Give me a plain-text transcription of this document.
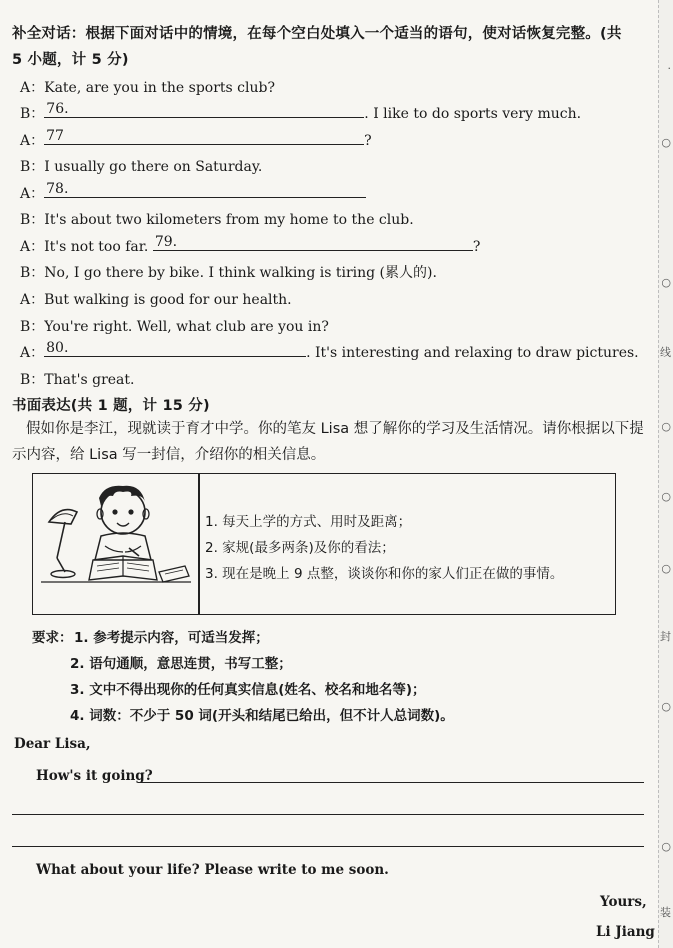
补全对话：根据下面对话中的情境，在每个空白处填入一个适当的语句，使对话恢复完整。(共
5 小题，计 5 分)
A：Kate, are you in the sports club?
B： 76.	. I like to do sports very much.
A： 77	?
B：I usually go there on Saturday.
A： 78.
B：It's about two kilometers from my home to the club.
A：It's not too far. 79.	?
B：No, I go there by bike. I think walking is tiring (累人的).
A：But walking is good for our health.
B：You're right. Well, what club are you in?
A： 80.	. It's interesting and relaxing to draw pictures.
B：That's great.
书面表达(共 1 题，计 15 分)
假如你是李江，现就读于育才中学。你的笔友 Lisa 想了解你的学习及生活情况。请你根据以下提示内容，给 Lisa 写一封信，介绍你的相关信息。
1. 每天上学的方式、用时及距离；
2. 家规(最多两条)及你的看法；
3. 现在是晚上 9 点整，谈谈你和你的家人们正在做的事情。
要求： 1. 参考提示内容，可适当发挥；
2. 语句通顺，意思连贯，书写工整；
3. 文中不得出现你的任何真实信息(姓名、校名和地名等)；
4. 词数：不少于 50 词(开头和结尾已给出，但不计人总词数)。
Dear Lisa,
How's it going?
What about your life? Please write to me soon.
Yours,
Li Jiang
·
○
○
线
○
○
○
封
○
○
装
